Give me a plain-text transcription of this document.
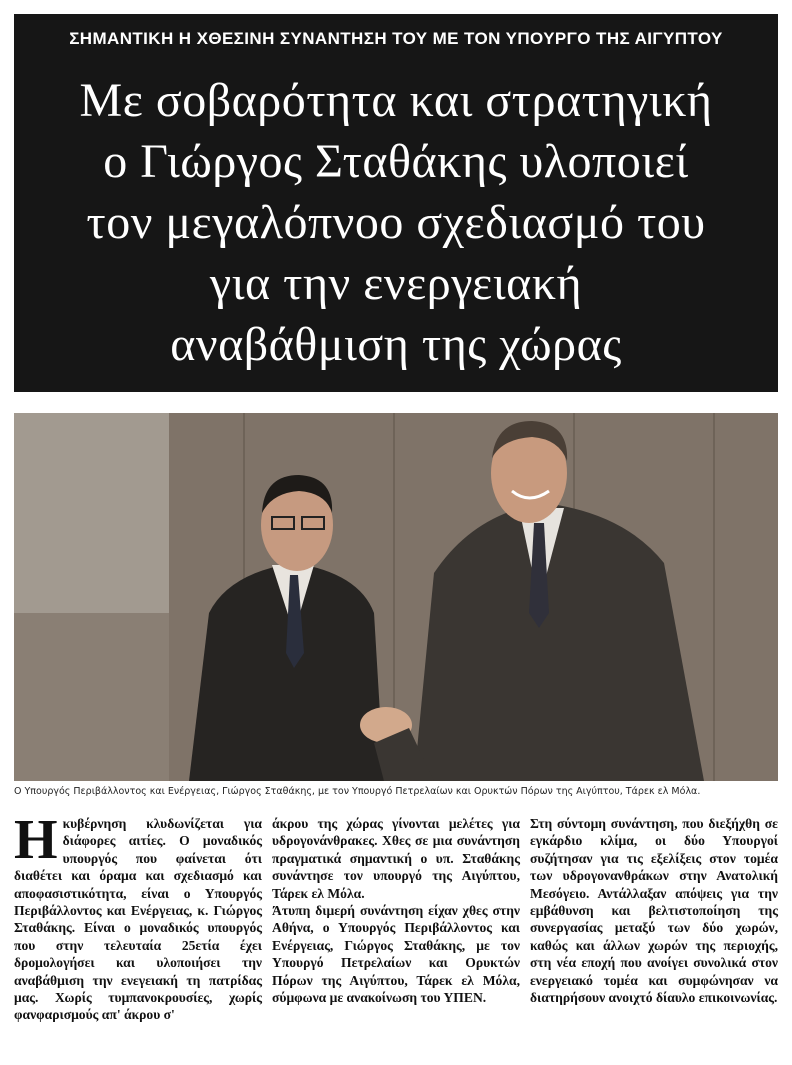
ΣΗΜΑΝΤΙΚΗ Η ΧΘΕΣΙΝΗ ΣΥΝΑΝΤΗΣΗ ΤΟΥ ΜΕ ΤΟΝ ΥΠΟΥΡΓΟ ΤΗΣ ΑΙΓΥΠΤΟΥ
Με σοβαρότητα και στρατηγική
ο Γιώργος Σταθάκης υλοποιεί
τον μεγαλόπνοο σχεδιασμό του
για την ενεργειακή
αναβάθμιση της χώρας
Ο Υπουργός Περιβάλλοντος και Ενέργειας, Γιώργος Σταθάκης, με τον Υπουργό Πετρελαίων και Ορυκτών Πόρων της Αιγύπτου, Τάρεκ ελ Μόλα.
Η κυβέρνηση κλυδωνίζεται για διάφορες αιτίες. Ο μοναδικός υπουργός που φαίνεται ότι διαθέτει και όραμα και σχεδιασμό και αποφασιστικότητα, είναι ο Υπουργός Περιβάλλοντος και Ενέργειας, κ. Γιώργος Σταθάκης. Είναι ο μοναδικός υπουργός που στην τελευταία 25ετία έχει δρομολογήσει και υλοποιήσει την αναβάθμιση την ενεγειακή τη πατρίδας μας. Χωρίς τυμπανοκρουσίες, χωρίς φανφαρισμούς απ' άκρου σ'

άκρου της χώρας γίνονται μελέτες για υδρογονάνθρακες. Χθες σε μια συνάντηση πραγματικά σημαντική ο υπ. Σταθάκης συνάντησε τον υπουργό της Αιγύπτου, Τάρεκ ελ Μόλα.

Άτυπη διμερή συνάντηση είχαν χθες στην Αθήνα, ο Υπουργός Περιβάλλοντος και Ενέργειας, Γιώργος Σταθάκης, με τον Υπουργό Πετρελαίων και Ορυκτών Πόρων της Αιγύπτου, Τάρεκ ελ Μόλα, σύμφωνα με ανακοίνωση του ΥΠΕΝ.

Στη σύντομη συνάντηση, που διεξήχθη σε εγκάρδιο κλίμα, οι δύο Υπουργοί συζήτησαν για τις εξελίξεις στον τομέα των υδρογονανθράκων στην Ανατολική Μεσόγειο. Αντάλλαξαν απόψεις για την εμβάθυνση και βελτιστοποίηση της συνεργασίας μεταξύ των δύο χωρών, καθώς και άλλων χωρών της περιοχής, στη νέα εποχή που ανοίγει συνολικά στον ενεργειακό τομέα και συμφώνησαν να διατηρήσουν ανοιχτό δίαυλο επικοινωνίας.
